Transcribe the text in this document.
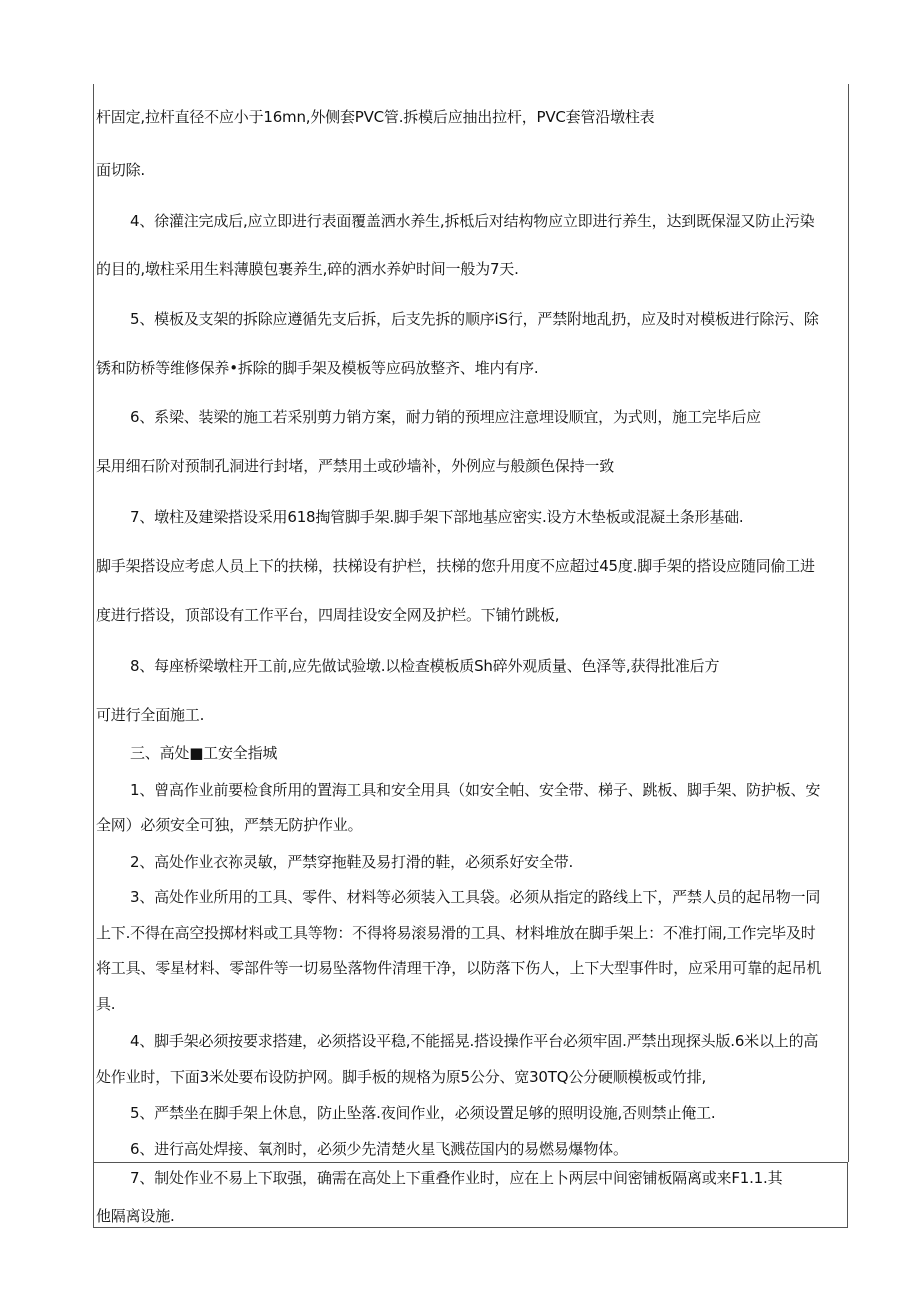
杆固定,拉杆直径不应小于16mn,外侧套PVC管.拆模后应抽出拉杆，PVC套管沿墩柱表
面切除.
4、徐灌注完成后,应立即进行表面覆盖洒水养生,拆柢后对结构物应立即进行养生，达到既保湿又防止污染
的目的,墩柱采用生料薄膜包裹养生,碎的洒水养妒时间一般为7天.
5、模板及支架的拆除应遵循先支后拆，后支先拆的顺序iS行，严禁附地乱扔，应及时对模板进行除污、除
锈和防桥等维修保养•拆除的脚手架及模板等应码放整齐、堆内有序.
6、系梁、装梁的施工若采别剪力销方案，耐力销的预埋应注意埋设顺宜，为式则，施工完毕后应
杲用细石阶对预制孔洞进行封堵，严禁用土或砂墙补，外例应与般颜色保持一致
7、墩柱及建梁搭设采用618掏管脚手架.脚手架下部地基应密实.设方木垫板或混凝土条形基础.
脚手架搭设应考虑人员上下的扶梯，扶梯设有护栏，扶梯的您升用度不应超过45度.脚手架的搭设应随同偷工进
度进行搭设，顶部设有工作平台，四周挂设安全网及护栏。下铺竹跳板,
8、每座桥梁墩柱开工前,应先做试验墩.以检查模板质Sh碎外观质量、色泽等,获得批准后方
可进行全面施工.
三、高处■工安全指城
1、曾高作业前要检食所用的置海工具和安全用具（如安全帕、安全带、梯子、跳板、脚手架、防护板、安
全网）必须安全可独，严禁无防护作业。
2、高处作业衣祢灵敏，严禁穿拖鞋及易打滑的鞋，必须系好安全带.
3、高处作业所用的工具、零件、材料等必须装入工具袋。必须从指定的路线上下，严禁人员的起吊物一同
上下.不得在高空投掷材料或工具等物：不得将易滚易滑的工具、材料堆放在脚手架上：不准打闹,工作完毕及时
将工具、零星材料、零部件等一切易坠落物件清理干净，以防落下伤人，上下大型事件时，应采用可靠的起吊机
具.
4、脚手架必须按要求搭建，必须搭设平稳,不能摇晃.搭设操作平台必须牢固.严禁出现探头版.6米以上的高
处作业时，下面3米处要布设防护网。脚手板的规格为原5公分、宽30TQ公分硬顺模板或竹排,
5、严禁坐在脚手架上休息，防止坠落.夜间作业，必须设置足够的照明设施,否则禁止俺工.
6、进行高处焊接、氧剂时，必须少先清楚火星飞溅莅国内的易燃易爆物体。
7、制处作业不易上下取强，确需在高处上下重叠作业时，应在上卜两层中间密铺板隔离或来F1.1.其
他隔离设施.
